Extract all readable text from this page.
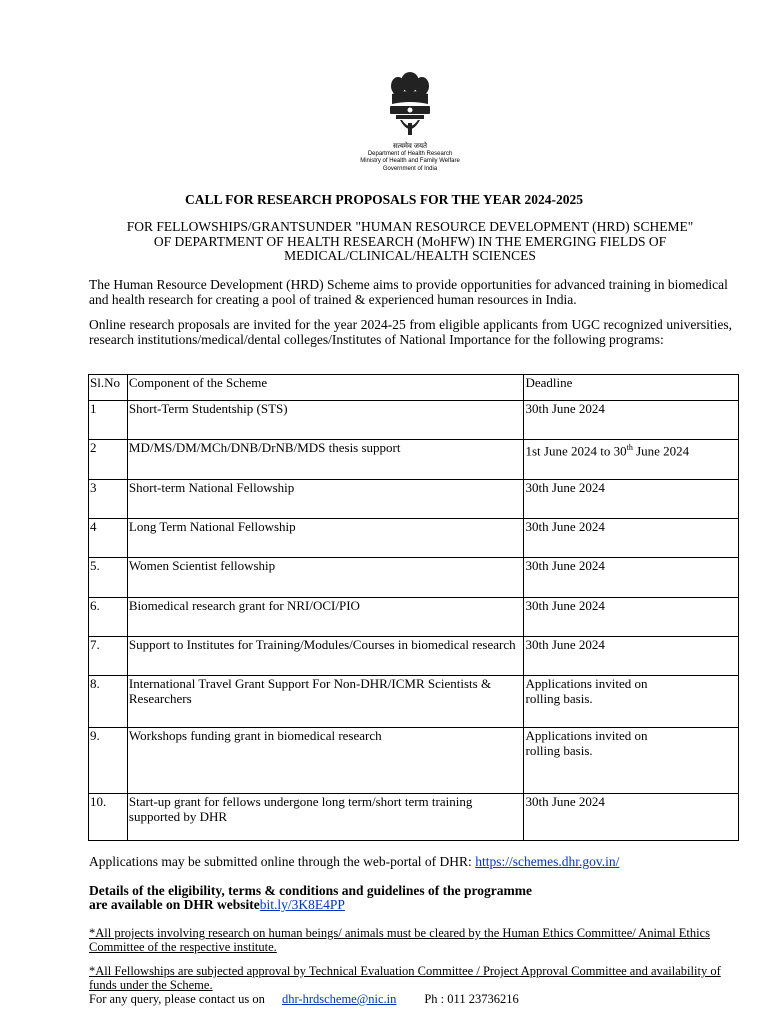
सत्यमेव जयते
Department of Health Research
Ministry of Health and Family Welfare
Government of India
CALL FOR RESEARCH PROPOSALS FOR THE YEAR 2024-2025
FOR FELLOWSHIPS/GRANTSUNDER "HUMAN RESOURCE DEVELOPMENT (HRD) SCHEME"
OF DEPARTMENT OF HEALTH RESEARCH (MoHFW) IN THE EMERGING FIELDS OF
MEDICAL/CLINICAL/HEALTH SCIENCES
The Human Resource Development (HRD) Scheme aims to provide opportunities for advanced training in biomedical and health research for creating a pool of trained & experienced human resources in India.
Online research proposals are invited for the year 2024-25 from eligible applicants from UGC recognized universities, research institutions/medical/dental colleges/Institutes of National Importance for the following programs:
Sl.No	Component of the Scheme	Deadline
1	Short-Term Studentship (STS)	30th June 2024
2	MD/MS/DM/MCh/DNB/DrNB/MDS thesis support	1st June 2024 to 30th June 2024
3	Short-term National Fellowship	30th June 2024
4	Long Term National Fellowship	30th June 2024
5.	Women Scientist fellowship	30th June 2024
6.	Biomedical research grant for NRI/OCI/PIO	30th June 2024
7.	Support to Institutes for Training/Modules/Courses in biomedical research	30th June 2024
8.	International Travel Grant Support For Non-DHR/ICMR Scientists & Researchers	Applications invited on
rolling basis.

9.	Workshops funding grant in biomedical research	Applications invited on
rolling basis.

10.	Start-up grant for fellows undergone long term/short term training supported by DHR	30th June 2024
Applications may be submitted online through the web-portal of DHR: https://schemes.dhr.gov.in/
Details of the eligibility, terms & conditions and guidelines of the programme
are available on DHR websitebit.ly/3K8E4PP
*All projects involving research on human beings/ animals must be cleared by the Human Ethics Committee/ Animal Ethics Committee of the respective institute.
*All Fellowships are subjected approval by Technical Evaluation Committee / Project Approval Committee and availability of funds under the Scheme.
For any query, please contact us on dhr-hrdscheme@nic.in Ph : 011 23736216
